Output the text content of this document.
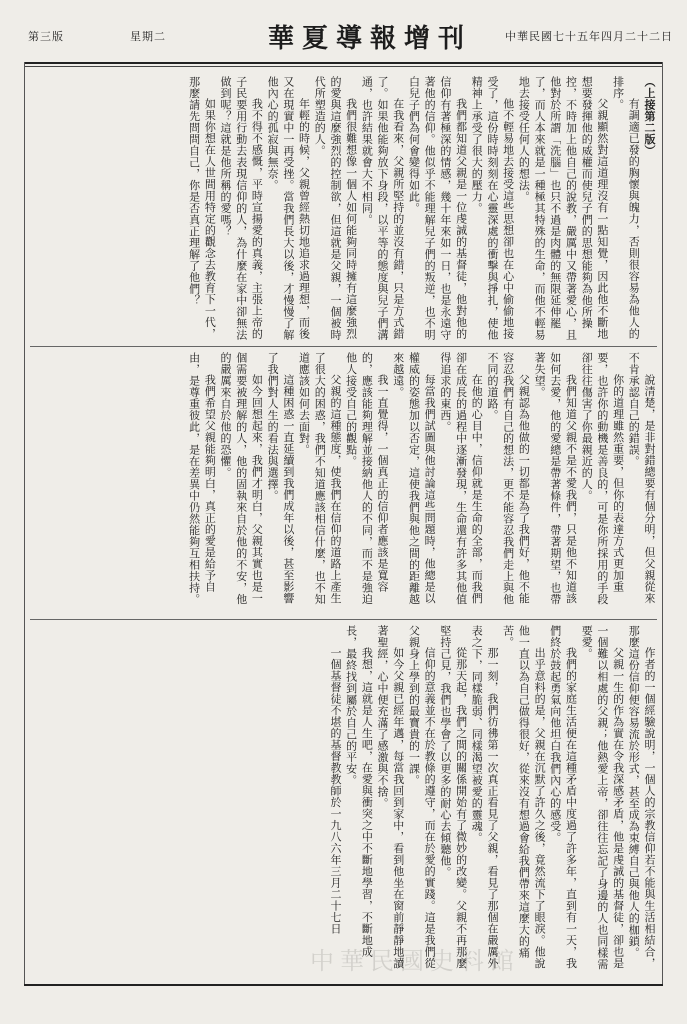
中華民國七十五年四月二十二日
華夏導報增刊
星期二
第三版

（上接第二版）

有調適已發的胸懷與魄力，否則很容易為他人的排序。

父親顯然對這道理沒有一點知覺，因此他不斷地想要發揮他的威權而使兒子們的思想能夠為他所操控，不時加上他自己的說教，嚴厲中又帶著愛心，且他對於所謂「洗腦」也只不過是肉體的無限延伸罷了，而人本來就是一種極其特殊的生命，而他不輕易地去接受任何人的想法。

他不輕易地去接受這些思想卻也在心中偷偷地接受了，這份時時刻刻在心靈深處的衝擊與掙扎，使他精神上承受了很大的壓力。

我們都知道父親是一位虔誠的基督徒，他對他的信仰有著極深的情感，幾十年來如一日，也是永遠守著他的信仰。他似乎不能理解兒子們的叛逆，也不明白兒子們為何會變得如此。

在我看來，父親所堅持的並沒有錯，只是方式錯了。如果他能夠放下身段，以平等的態度與兒子們溝通，也許結果就會大不相同。

我們很難想像一個人如何能夠同時擁有這麼強烈的愛與這麼強烈的控制欲，但這就是父親，一個被時代所塑造的人。

年輕的時候，父親曾經熱切地追求過理想，而後又在現實中一再受挫。當我們長大以後，才慢慢了解他內心的孤寂與無奈。

我不得不感慨，平時宣揚愛的真義，主張上帝的子民要用行動去表現信仰的人，為什麼在家中卻無法做到呢？這就是他所稱的愛嗎？

如果你想在人世間用特定的觀念去教育下一代，那麼請先問問自己，你是否真正理解了他們？

說清楚，是非對錯總要有個分明，但父親從來不肯承認自己的錯誤。

你的道理雖然重要，但你的表達方式更加重要，也許你的動機是善良的，可是你所採用的手段卻往往傷害了你最親近的人。

我們知道父親不是不愛我們，只是他不知道該如何去愛，他的愛總是帶著條件，帶著期望，也帶著失望。

父親認為他做的一切都是為了我們好，他不能容忍我們有自己的想法，更不能容忍我們走上與他不同的道路。

在他的心目中，信仰就是生命的全部，而我們卻在成長的過程中逐漸發現，生命還有許多其他值得追求的東西。

每當我們試圖與他討論這些問題時，他總是以權威的姿態加以否定，這使我們與他之間的距離越來越遠。

我一直覺得，一個真正的信仰者應該是寬容的，應該能夠理解並接納他人的不同，而不是強迫他人接受自己的觀點。

父親的這種態度，使我們在信仰的道路上產生了很大的困惑，我們不知道應該相信什麼，也不知道應該如何去面對。

這種困惑一直延續到我們成年以後，甚至影響了我們對人生的看法與選擇。

如今回想起來，我們才明白，父親其實也是一個需要被理解的人，他的固執來自於他的不安，他的嚴厲來自於他的恐懼。

我們希望父親能夠明白，真正的愛是給予自由，是尊重彼此，是在差異中仍然能夠互相扶持。

作者的一個經驗說明，一個人的宗教信仰若不能與生活相結合，那麼這份信仰便容易流於形式，甚至成為束縛自己與他人的枷鎖。

父親一生的作為實在令我深感矛盾，他是虔誠的基督徒，卻也是一個難以相處的父親；他熱愛上帝，卻往往忘記了身邊的人也同樣需要愛。

我們的家庭生活便在這種矛盾中度過了許多年，直到有一天，我們終於鼓起勇氣向他坦白我們內心的感受。

出乎意料的是，父親在沉默了許久之後，竟然流下了眼淚。他說他一直以為自己做得很好，從來沒有想過會給我們帶來這麼大的痛苦。

那一刻，我們彷彿第一次真正看見了父親，看見了那個在嚴厲外表之下，同樣脆弱、同樣渴望被愛的靈魂。

從那天起，我們之間的關係開始有了微妙的改變。父親不再那麼堅持己見，我們也學會了以更多的耐心去傾聽他。

信仰的意義並不在於教條的遵守，而在於愛的實踐。這是我們從父親身上學到的最寶貴的一課。

如今父親已經年邁，每當我回到家中，看到他坐在窗前靜靜地讀著聖經，心中便充滿了感激與不捨。

我想，這就是人生吧，在愛與衝突之中不斷地學習，不斷地成長，最終找到屬於自己的平安。

一個基督徒不堪的基督教教師於一九八六年三月二十七日

中華民國史料館
